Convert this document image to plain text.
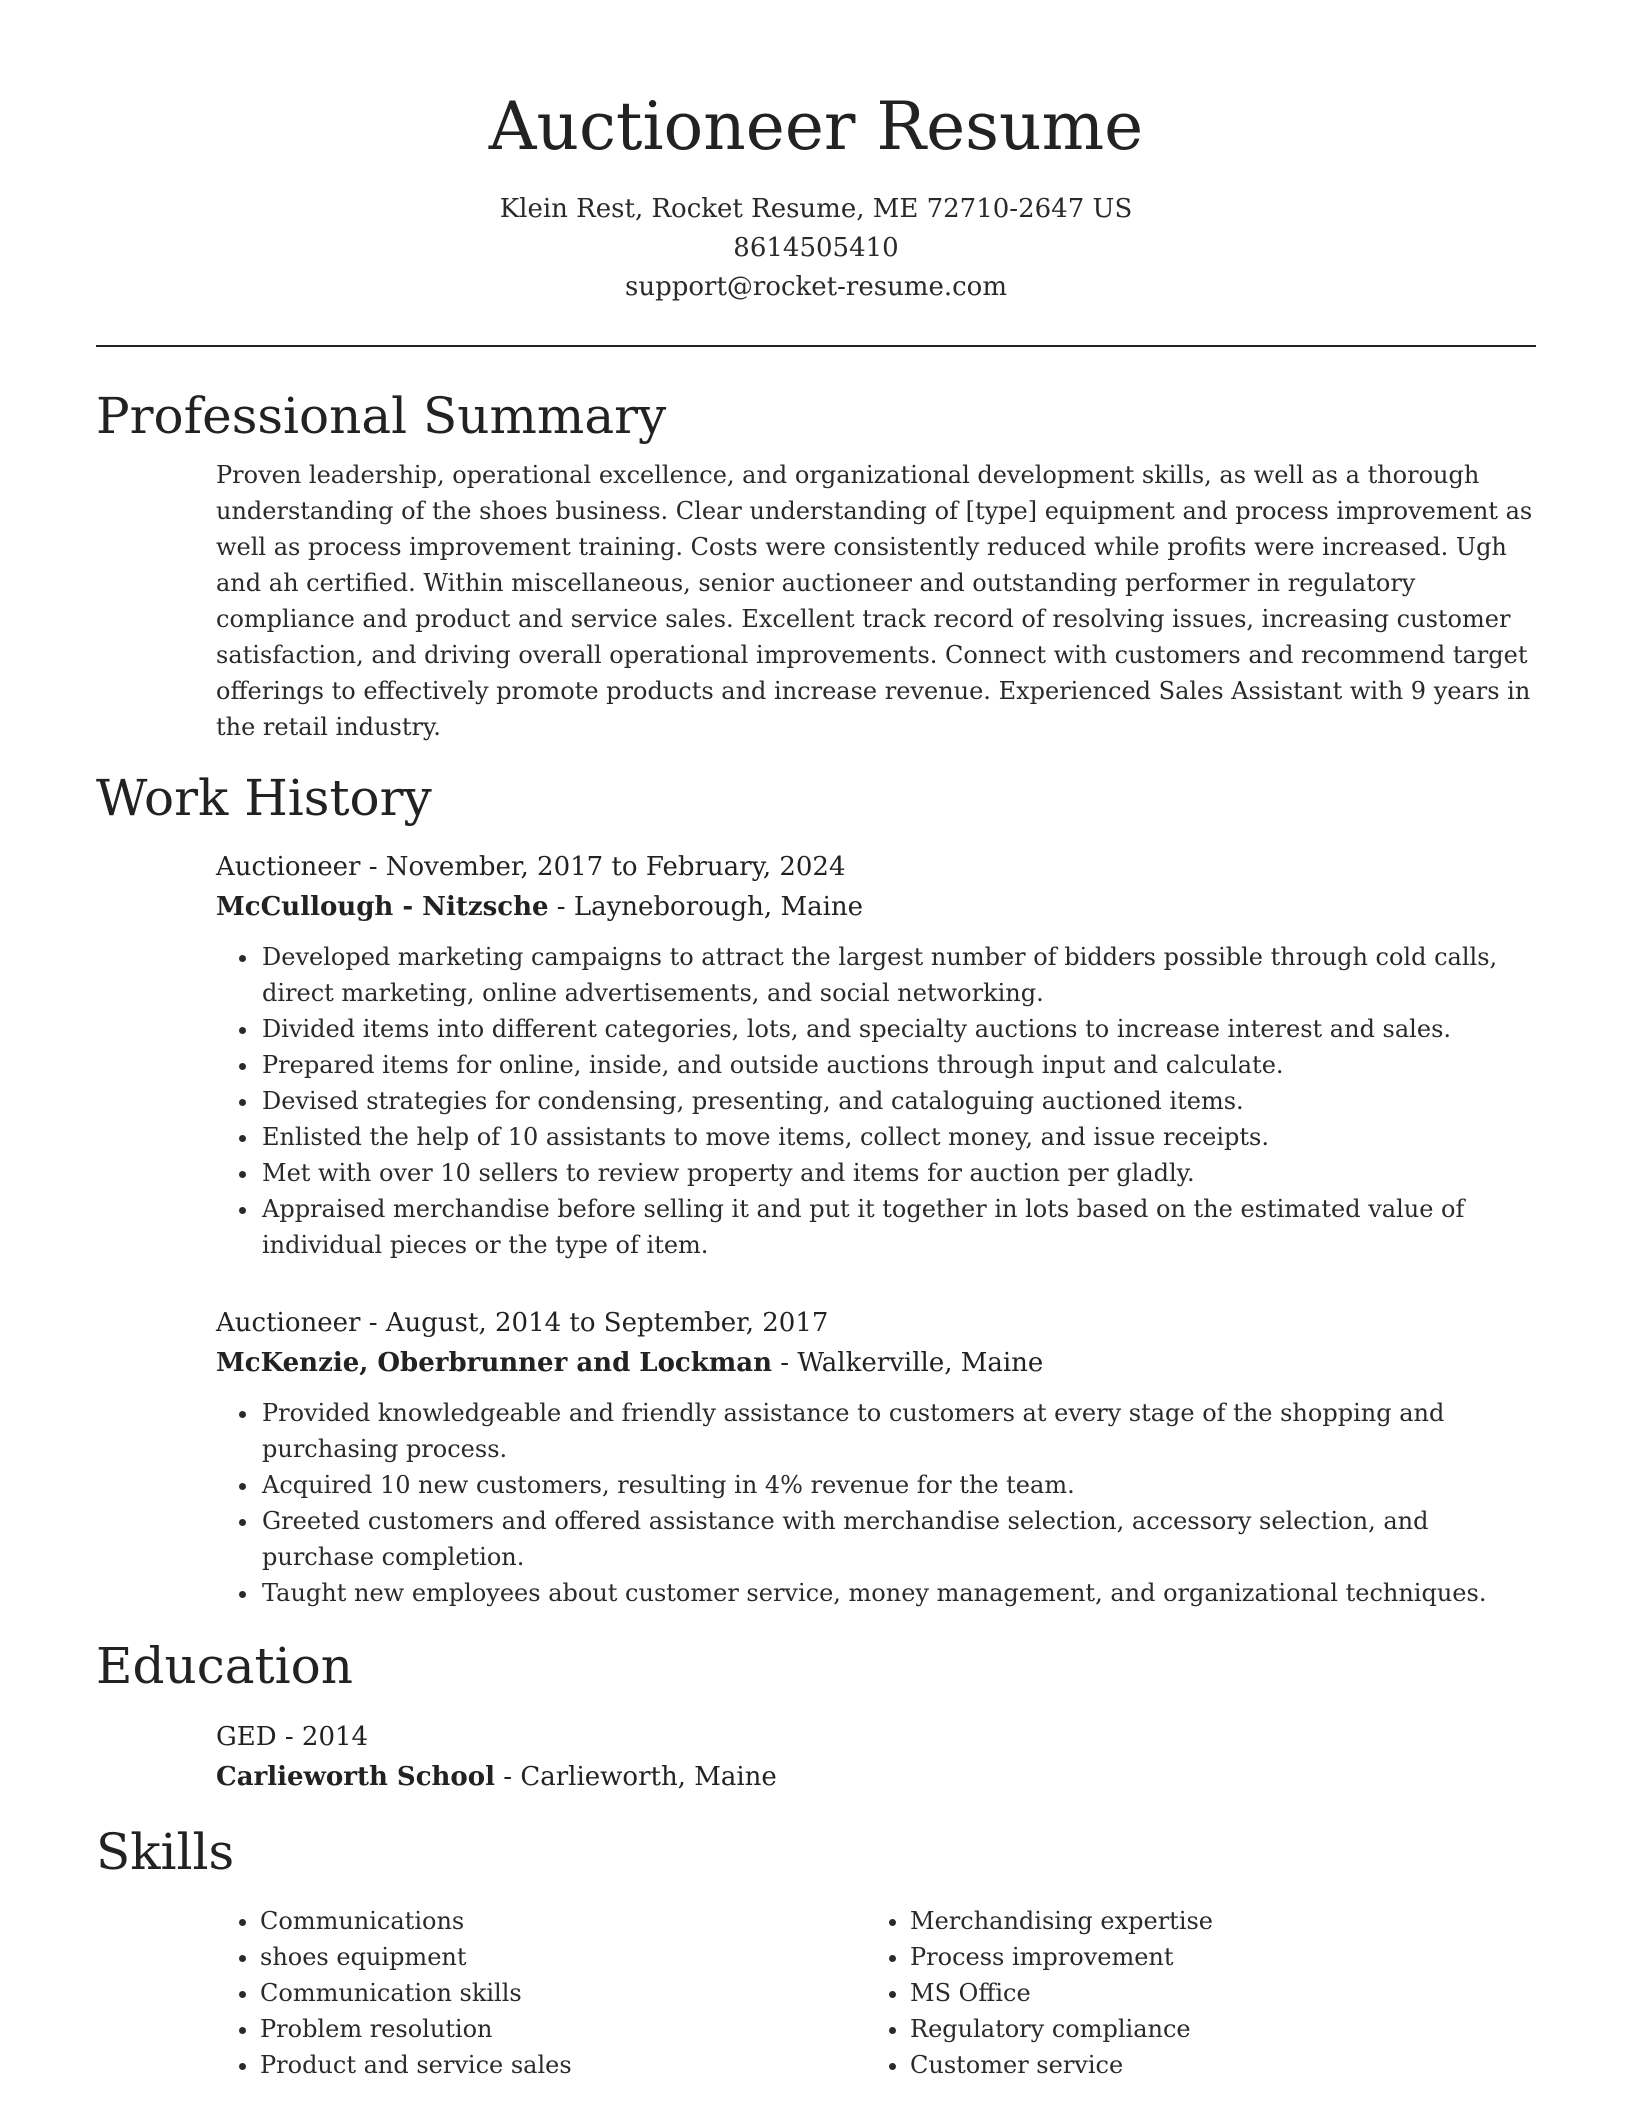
Auctioneer Resume
Klein Rest, Rocket Resume, ME 72710-2647 US
8614505410
support@rocket-resume.com
Professional Summary

Proven leadership, operational excellence, and organizational development skills, as well as a thorough understanding of the shoes business. Clear understanding of [type] equipment and process improvement as well as process improvement training. Costs were consistently reduced while profits were increased. Ugh and ah certified. Within miscellaneous, senior auctioneer and outstanding performer in regulatory compliance and product and service sales. Excellent track record of resolving issues, increasing customer satisfaction, and driving overall operational improvements. Connect with customers and recommend target offerings to effectively promote products and increase revenue. Experienced Sales Assistant with 9 years in the retail industry.

Work History
Auctioneer - November, 2017 to February, 2024
McCullough - Nitzsche - Layneborough, Maine
• Developed marketing campaigns to attract the largest number of bidders possible through cold calls, direct marketing, online advertisements, and social networking.
• Divided items into different categories, lots, and specialty auctions to increase interest and sales.
• Prepared items for online, inside, and outside auctions through input and calculate.
• Devised strategies for condensing, presenting, and cataloguing auctioned items.
• Enlisted the help of 10 assistants to move items, collect money, and issue receipts.
• Met with over 10 sellers to review property and items for auction per gladly.
• Appraised merchandise before selling it and put it together in lots based on the estimated value of individual pieces or the type of item.
Auctioneer - August, 2014 to September, 2017
McKenzie, Oberbrunner and Lockman - Walkerville, Maine
• Provided knowledgeable and friendly assistance to customers at every stage of the shopping and purchasing process.
• Acquired 10 new customers, resulting in 4% revenue for the team.
• Greeted customers and offered assistance with merchandise selection, accessory selection, and purchase completion.
• Taught new employees about customer service, money management, and organizational techniques.
Education
GED - 2014
Carlieworth School - Carlieworth, Maine
Skills
• Communications
• shoes equipment
• Communication skills
• Problem resolution
• Product and service sales
• Merchandising expertise
• Process improvement
• MS Office
• Regulatory compliance
• Customer service
